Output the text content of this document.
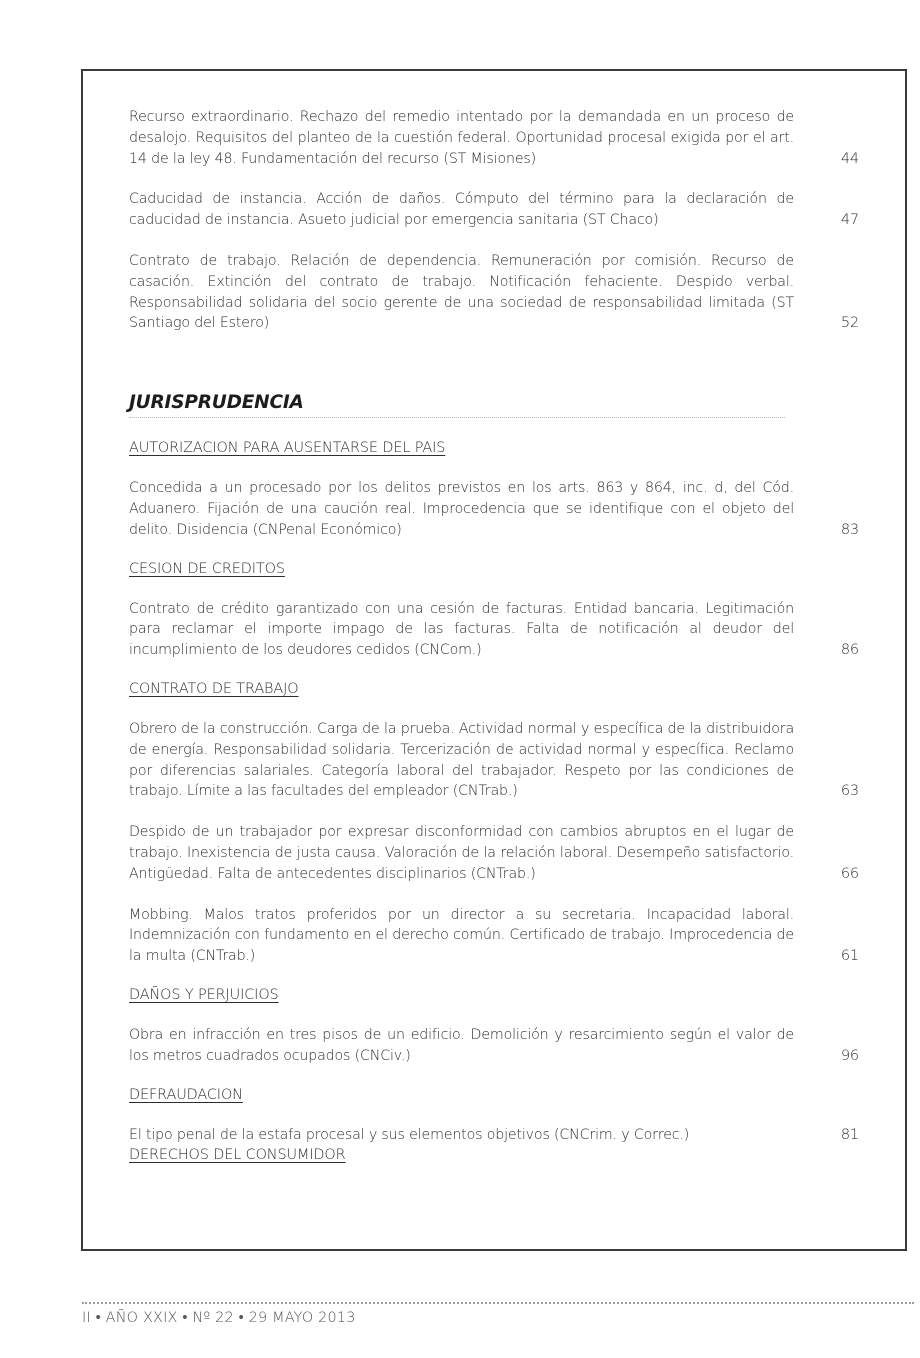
Recurso extraordinario. Rechazo del remedio intentado por la demandada en un proceso de desalojo. Requisitos del planteo de la cuestión federal. Oportunidad procesal exigida por el art. 14 de la ley 48. Fundamentación del recurso (ST Misiones)	44
Caducidad de instancia. Acción de daños. Cómputo del término para la declaración de caducidad de instancia. Asueto judicial por emergencia sanitaria (ST Chaco)	47
Contrato de trabajo. Relación de dependencia. Remuneración por comisión. Recurso de casación. Extinción del contrato de trabajo. Notificación fehaciente. Despido verbal. Responsabilidad solidaria del socio gerente de una sociedad de responsabilidad limitada (ST Santiago del Estero)	52
JURISPRUDENCIA
AUTORIZACION PARA AUSENTARSE DEL PAIS
Concedida a un procesado por los delitos previstos en los arts. 863 y 864, inc. d, del Cód. Aduanero. Fijación de una caución real. Improcedencia que se identifique con el objeto del delito. Disidencia (CNPenal Económico)	83
CESION DE CREDITOS
Contrato de crédito garantizado con una cesión de facturas. Entidad bancaria. Legitimación para reclamar el importe impago de las facturas. Falta de notificación al deudor del incumplimiento de los deudores cedidos (CNCom.)	86
CONTRATO DE TRABAJO
Obrero de la construcción. Carga de la prueba. Actividad normal y específica de la distribuidora de energía. Responsabilidad solidaria. Tercerización de actividad normal y específica. Reclamo por diferencias salariales. Categoría laboral del trabajador. Respeto por las condiciones de trabajo. Límite a las facultades del empleador (CNTrab.)	63
Despido de un trabajador por expresar disconformidad con cambios abruptos en el lugar de trabajo. Inexistencia de justa causa. Valoración de la relación laboral. Desempeño satisfactorio. Antigüedad. Falta de antecedentes disciplinarios (CNTrab.)	66
Mobbing. Malos tratos proferidos por un director a su secretaria. Incapacidad laboral. Indemnización con fundamento en el derecho común. Certificado de trabajo. Improcedencia de la multa (CNTrab.)	61
DAÑOS Y PERJUICIOS
Obra en infracción en tres pisos de un edificio. Demolición y resarcimiento según el valor de los metros cuadrados ocupados (CNCiv.)	96
DEFRAUDACION
El tipo penal de la estafa procesal y sus elementos objetivos (CNCrim. y Correc.)	81
DERECHOS DEL CONSUMIDOR
II • AÑO XXIX • Nº 22 • 29 MAYO 2013
